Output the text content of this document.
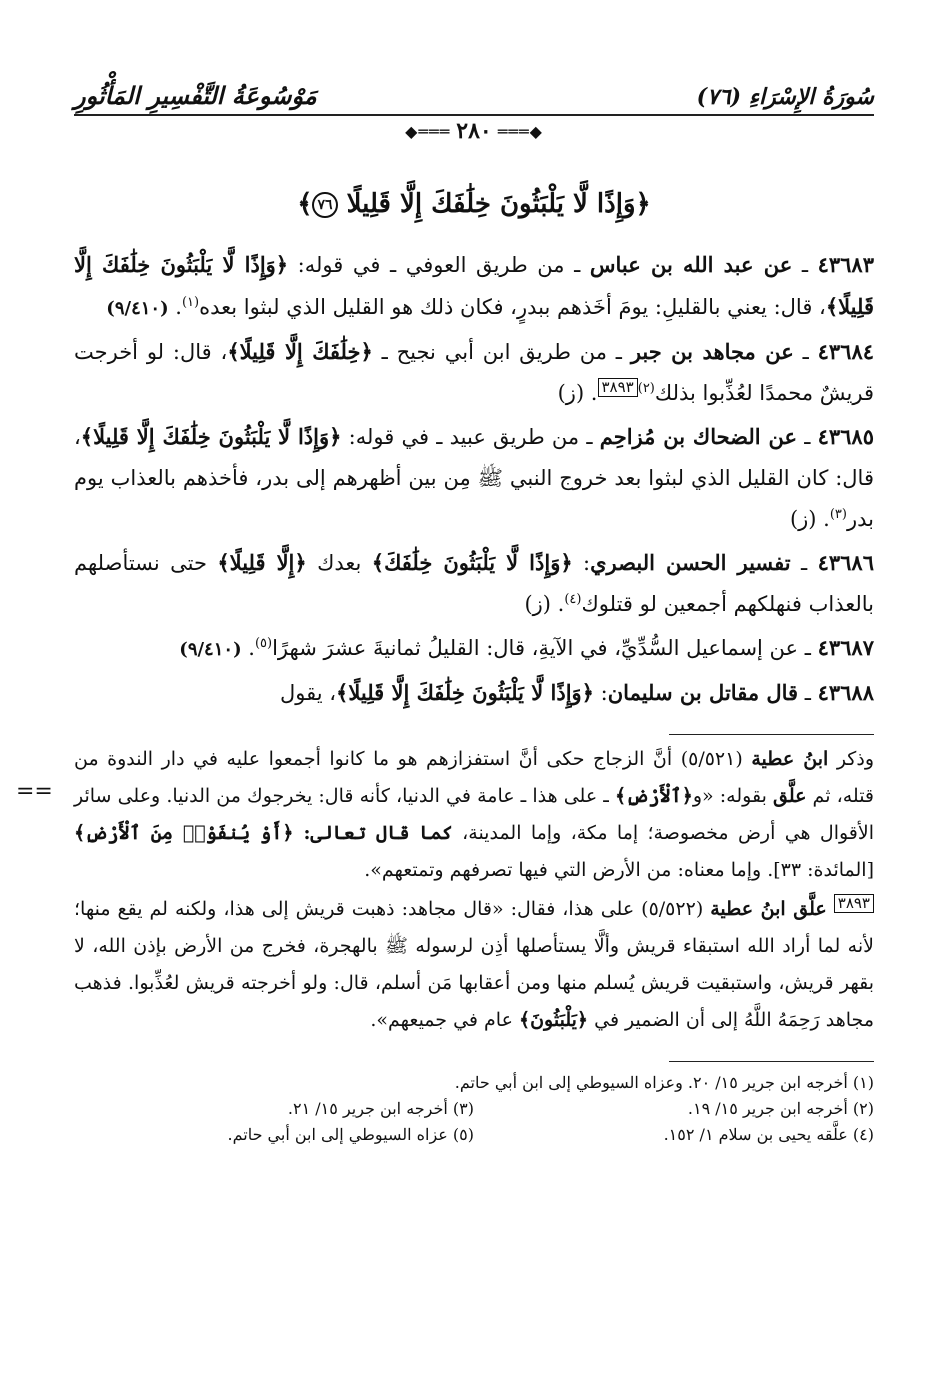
سُورَةُ الإِسْرَاءِ (٧٦)
مَوْسُوعَةُ التَّفْسِيرِ المَأْثُورِ
◆═══
٢٨٠
═══◆
﴿وَإِذًا لَّا يَلْبَثُونَ خِلَٰفَكَ إِلَّا قَلِيلًا ٧٦﴾

٤٣٦٨٣ ـ عن عبد الله بن عباس ـ من طريق العوفي ـ في قوله: ﴿وَإِذًا لَّا يَلْبَثُونَ خِلَٰفَكَ إِلَّا قَلِيلًا﴾، قال: يعني بالقليلِ: يومَ أخَذهم ببدرٍ، فكان ذلك هو القليل الذي لبثوا بعده$^{(١)}$. (٩/٤١٠)

٤٣٦٨٤ ـ عن مجاهد بن جبر ـ من طريق ابن أبي نجيح ـ ﴿خِلَٰفَكَ إِلَّا قَلِيلًا﴾، قال: لو أخرجت قريشٌ محمدًا لعُذِّبوا بذلك$^{(٢)}$٣٨٩٣. (ز)

٤٣٦٨٥ ـ عن الضحاك بن مُزاحِم ـ من طريق عبيد ـ في قوله: ﴿وَإِذًا لَّا يَلْبَثُونَ خِلَٰفَكَ إِلَّا قَلِيلًا﴾، قال: كان القليل الذي لبثوا بعد خروج النبي ﷺ مِن بين أظهرهم إلى بدر، فأخذهم بالعذاب يوم بدر$^{(٣)}$. (ز)

٤٣٦٨٦ ـ تفسير الحسن البصري: ﴿وَإِذًا لَّا يَلْبَثُونَ خِلَٰفَكَ﴾ بعدك ﴿إِلَّا قَلِيلًا﴾ حتى نستأصلهم بالعذاب فنهلكهم أجمعين لو قتلوك$^{(٤)}$. (ز)

٤٣٦٨٧ ـ عن إسماعيل السُّدِّيِّ، في الآيةِ، قال: القليلُ ثمانيةَ عشرَ شهرًا$^{(٥)}$. (٩/٤١٠)

٤٣٦٨٨ ـ قال مقاتل بن سليمان: ﴿وَإِذًا لَّا يَلْبَثُونَ خِلَٰفَكَ إِلَّا قَلِيلًا﴾، يقول

وذكر ابنُ عطية (٥/٥٢١) أنَّ الزجاج حكى أنَّ استفزازهم هو ما كانوا أجمعوا عليه في دار الندوة من قتله، ثم علَّق بقوله: «و﴿ٱلْأَرْضِ﴾ ـ على هذا ـ عامة في الدنيا، كأنه قال: يخرجوك من الدنيا. وعلى سائر الأقوال هي أرض مخصوصة؛ إما مكة، وإما المدينة، كما قال تعالى: ﴿أَوْ يُنفَوْا۟ مِنَ ٱلْأَرْضِ﴾ [المائدة: ٣٣]. وإما معناه: من الأرض التي فيها تصرفهم وتمتعهم».

٣٨٩٣ علَّق ابنُ عطية (٥/٥٢٢) على هذا، فقال: «قال مجاهد: ذهبت قريش إلى هذا، ولكنه لم يقع منها؛ لأنه لما أراد الله استبقاء قريش وألَّا يستأصلها أذِن لرسوله ﷺ بالهجرة، فخرج من الأرض بإذن الله، لا بقهر قريش، واستبقيت قريش يُسلم منها ومن أعقابها مَن أسلم، قال: ولو أخرجته قريش لعُذِّبوا. فذهب مجاهد رَحِمَهُ اللَّهُ إلى أن الضمير في ﴿يَلْبَثُونَ﴾ عام في جميعهم».

==
(١) أخرجه ابن جرير ١٥/ ٢٠. وعزاه السيوطي إلى ابن أبي حاتم.
(٢) أخرجه ابن جرير ١٥/ ١٩.
(٣) أخرجه ابن جرير ١٥/ ٢١.
(٤) علَّقه يحيى بن سلام ١/ ١٥٢.
(٥) عزاه السيوطي إلى ابن أبي حاتم.
